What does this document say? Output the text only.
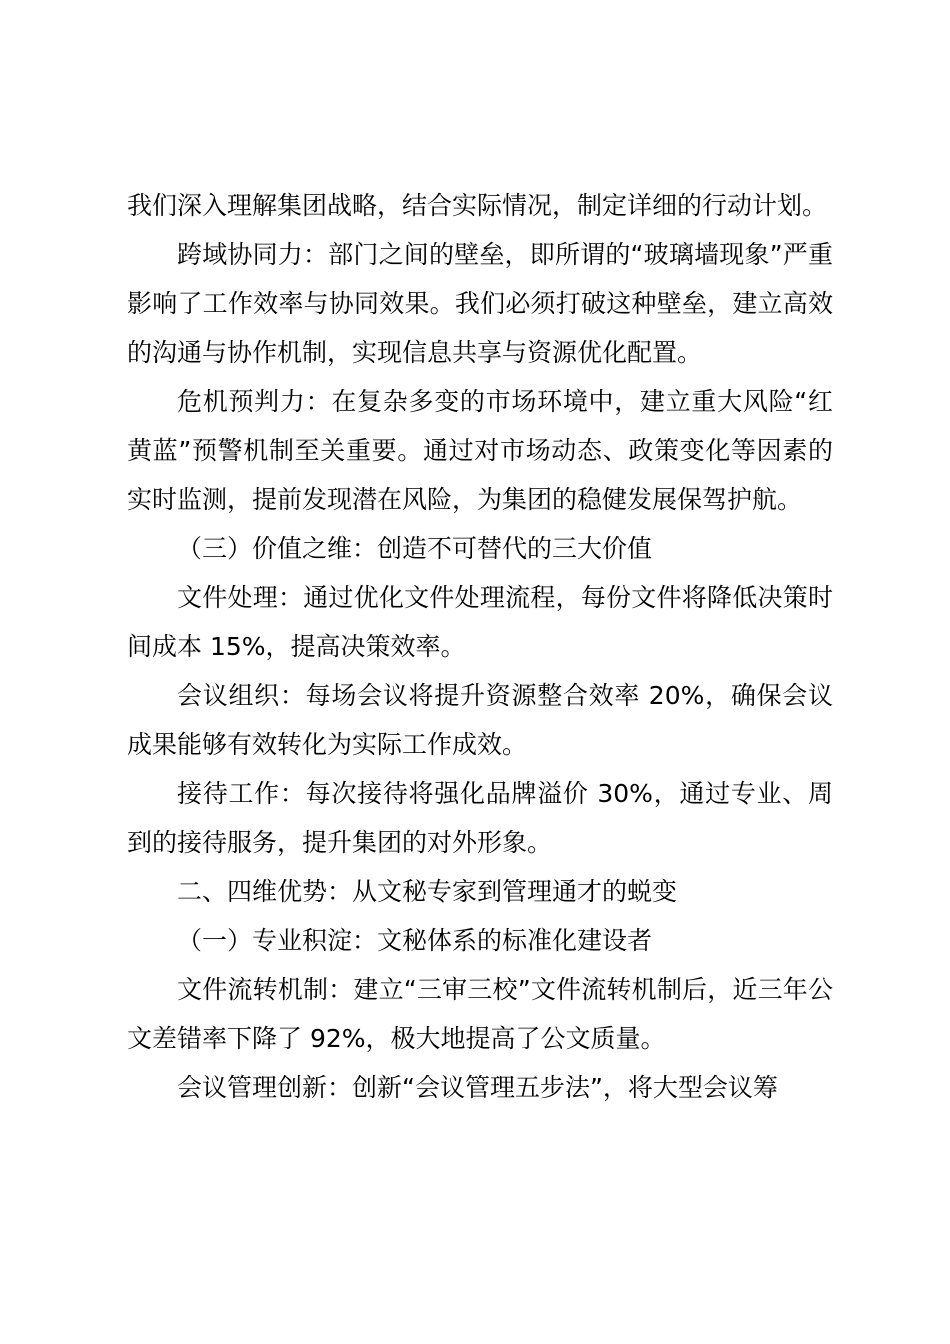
我们深入理解集团战略，结合实际情况，制定详细的行动计划。

跨域协同力：部门之间的壁垒，即所谓的“玻璃墙现象”严重影响了工作效率与协同效果。我们必须打破这种壁垒，建立高效的沟通与协作机制，实现信息共享与资源优化配置。

危机预判力：在复杂多变的市场环境中，建立重大风险“红黄蓝”预警机制至关重要。通过对市场动态、政策变化等因素的实时监测，提前发现潜在风险，为集团的稳健发展保驾护航。

（三）价值之维：创造不可替代的三大价值

文件处理：通过优化文件处理流程，每份文件将降低决策时间成本 15%，提高决策效率。

会议组织：每场会议将提升资源整合效率 20%，确保会议成果能够有效转化为实际工作成效。

接待工作：每次接待将强化品牌溢价 30%，通过专业、周到的接待服务，提升集团的对外形象。

二、四维优势：从文秘专家到管理通才的蜕变

（一）专业积淀：文秘体系的标准化建设者

文件流转机制：建立“三审三校”文件流转机制后，近三年公文差错率下降了 92%，极大地提高了公文质量。

会议管理创新：创新“会议管理五步法”，将大型会议筹
